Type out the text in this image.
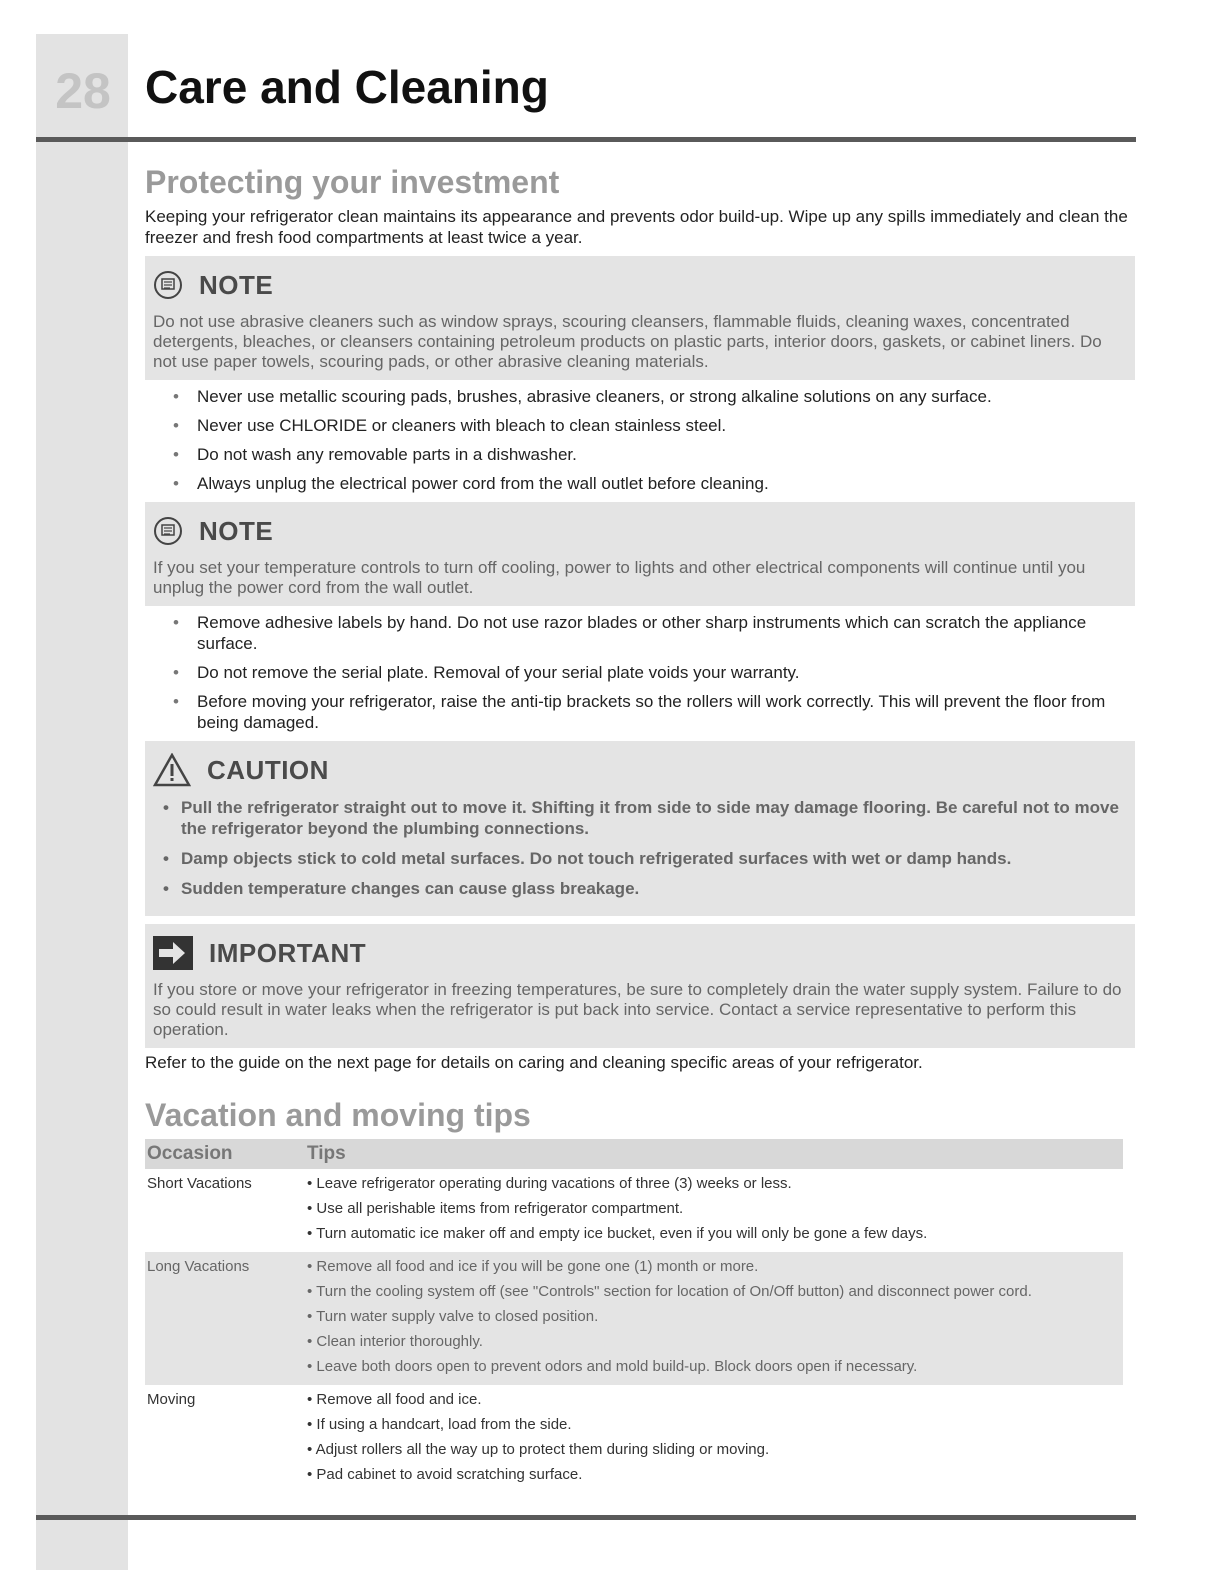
28 Care and Cleaning
Protecting your investment

Keeping your refrigerator clean maintains its appearance and prevents odor build-up. Wipe up any spills immediately and clean the freezer and fresh food compartments at least twice a year.

NOTE

Do not use abrasive cleaners such as window sprays, scouring cleansers, flammable fluids, cleaning waxes, concentrated detergents, bleaches, or cleansers containing petroleum products on plastic parts, interior doors, gaskets, or cabinet liners. Do not use paper towels, scouring pads, or other abrasive cleaning materials.

• Never use metallic scouring pads, brushes, abrasive cleaners, or strong alkaline solutions on any surface.
• Never use CHLORIDE or cleaners with bleach to clean stainless steel.
• Do not wash any removable parts in a dishwasher.
• Always unplug the electrical power cord from the wall outlet before cleaning.
NOTE

If you set your temperature controls to turn off cooling, power to lights and other electrical components will continue until you unplug the power cord from the wall outlet.

• Remove adhesive labels by hand. Do not use razor blades or other sharp instruments which can scratch the appliance surface.
• Do not remove the serial plate. Removal of your serial plate voids your warranty.
• Before moving your refrigerator, raise the anti-tip brackets so the rollers will work correctly. This will prevent the floor from being damaged.
CAUTION
• Pull the refrigerator straight out to move it. Shifting it from side to side may damage flooring. Be careful not to move the refrigerator beyond the plumbing connections.
• Damp objects stick to cold metal surfaces. Do not touch refrigerated surfaces with wet or damp hands.
• Sudden temperature changes can cause glass breakage.
IMPORTANT

If you store or move your refrigerator in freezing temperatures, be sure to completely drain the water supply system. Failure to do so could result in water leaks when the refrigerator is put back into service. Contact a service representative to perform this operation.

Refer to the guide on the next page for details on caring and cleaning specific areas of your refrigerator.

Vacation and moving tips
Occasion	Tips
Short Vacations	• Leave refrigerator operating during vacations of three (3) weeks or less.
• Use all perishable items from refrigerator compartment.
• Turn automatic ice maker off and empty ice bucket, even if you will only be gone a few days.

Long Vacations	• Remove all food and ice if you will be gone one (1) month or more.
• Turn the cooling system off (see "Controls" section for location of On/Off button) and disconnect power cord.
• Turn water supply valve to closed position.
• Clean interior thoroughly.
• Leave both doors open to prevent odors and mold build-up. Block doors open if necessary.

Moving	• Remove all food and ice.
• If using a handcart, load from the side.
• Adjust rollers all the way up to protect them during sliding or moving.
• Pad cabinet to avoid scratching surface.
